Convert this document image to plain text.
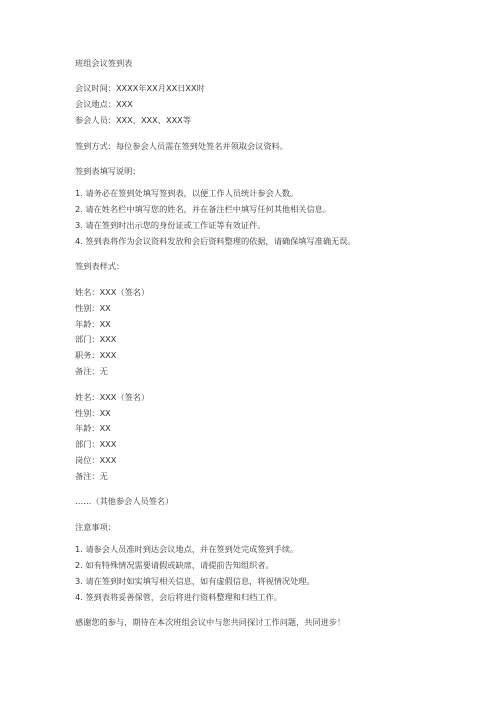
班组会议签到表
会议时间：XXXX年XX月XX日XX时
会议地点：XXX
参会人员：XXX、XXX、XXX等
签到方式：每位参会人员需在签到处签名并领取会议资料。
签到表填写说明：
1. 请务必在签到处填写签到表，以便工作人员统计参会人数。
2. 请在姓名栏中填写您的姓名，并在备注栏中填写任何其他相关信息。
3. 请在签到时出示您的身份证或工作证等有效证件。
4. 签到表将作为会议资料发放和会后资料整理的依据，请确保填写准确无误。
签到表样式：
姓名：XXX（签名）
性别：XX
年龄：XX
部门：XXX
职务：XXX
备注：无
姓名：XXX（签名）
性别：XX
年龄：XX
部门：XXX
岗位：XXX
备注：无
……（其他参会人员签名）
注意事项：
1. 请参会人员准时到达会议地点，并在签到处完成签到手续。
2. 如有特殊情况需要请假或缺席，请提前告知组织者。
3. 请在签到时如实填写相关信息，如有虚假信息，将视情况处理。
4. 签到表将妥善保管，会后将进行资料整理和归档工作。
感谢您的参与，期待在本次班组会议中与您共同探讨工作问题，共同进步！
